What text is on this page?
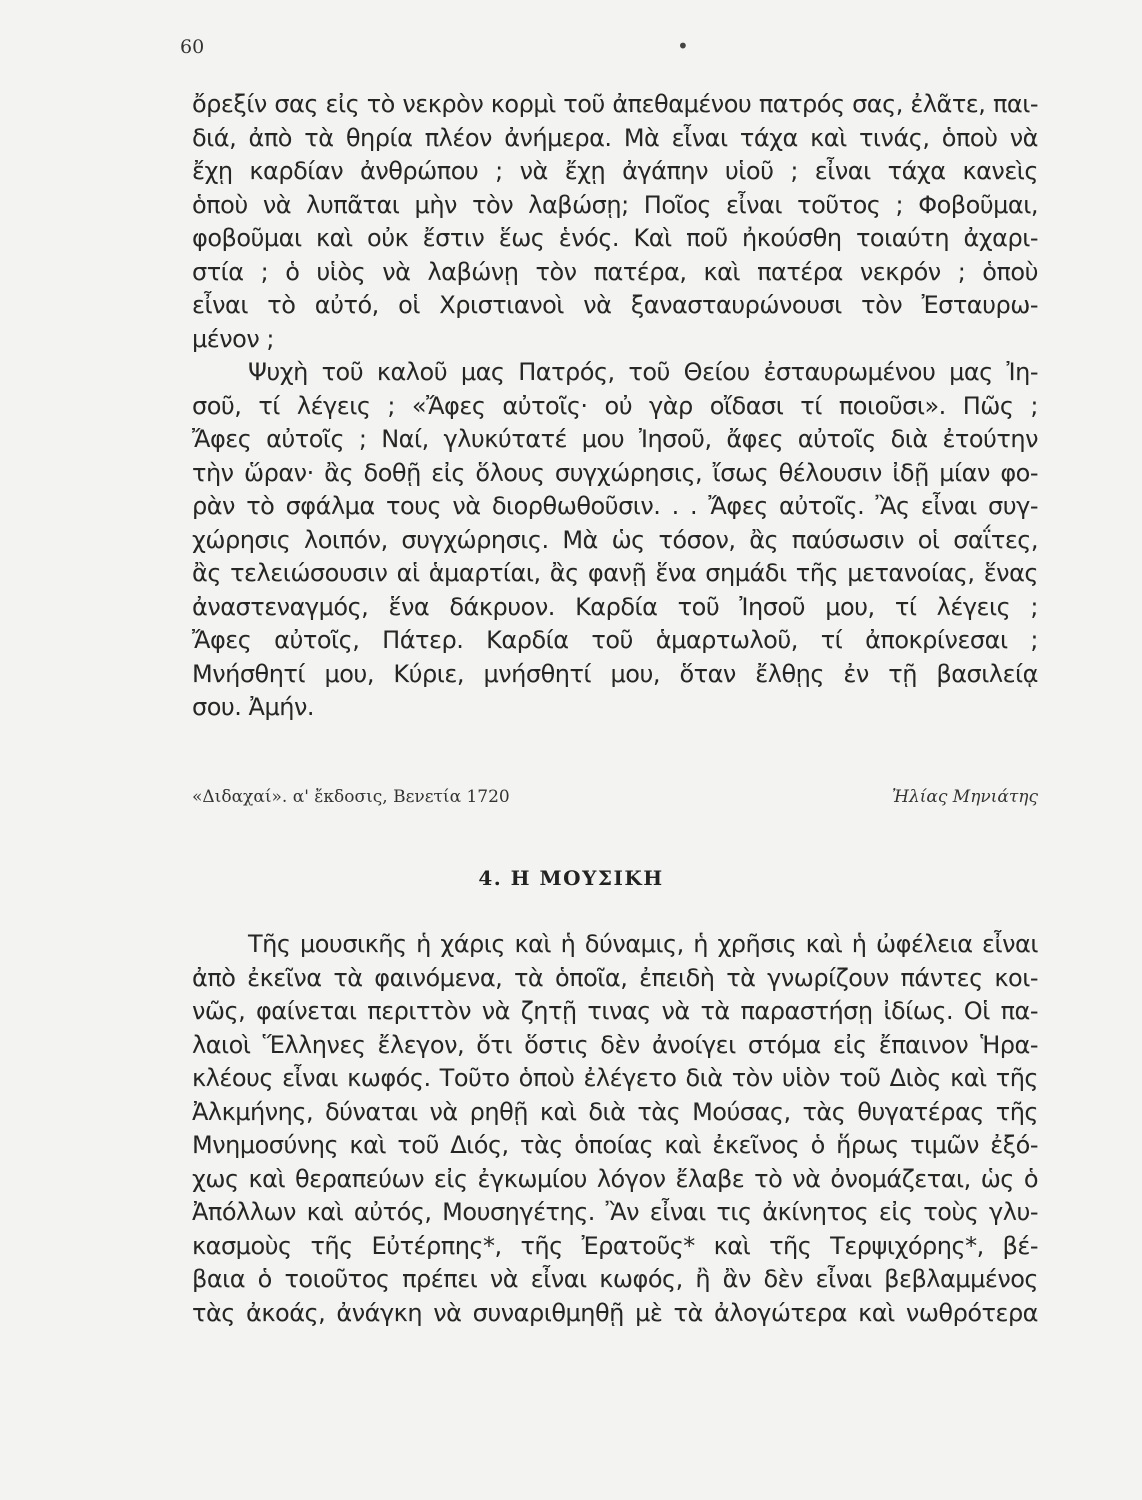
60	•
ὄρεξίν σας εἰς τὸ νεκρὸν κορμὶ τοῦ ἀπεθαμένου πατρός σας, ἐλᾶτε, παι-
διά, ἀπὸ τὰ θηρία πλέον ἀνήμερα. Μὰ εἶναι τάχα καὶ τινάς, ὁποὺ νὰ
ἔχῃ καρδίαν ἀνθρώπου ; νὰ ἔχῃ ἀγάπην υἱοῦ ; εἶναι τάχα κανεὶς
ὁποὺ νὰ λυπᾶται μὴν τὸν λαβώσῃ; Ποῖος εἶναι τοῦτος ; Φοβοῦμαι,
φοβοῦμαι καὶ οὐκ ἔστιν ἕως ἑνός. Καὶ ποῦ ἠκούσθη τοιαύτη ἀχαρι-
στία ; ὁ υἱὸς νὰ λαβώνῃ τὸν πατέρα, καὶ πατέρα νεκρόν ; ὁποὺ
εἶναι τὸ αὐτό, οἱ Χριστιανοὶ νὰ ξανασταυρώνουσι τὸν Ἐσταυρω-
μένον ;
Ψυχὴ τοῦ καλοῦ μας Πατρός, τοῦ Θείου ἐσταυρωμένου μας Ἰη-
σοῦ, τί λέγεις ; «Ἄφες αὐτοῖς· οὐ γὰρ οἴδασι τί ποιοῦσι». Πῶς ;
Ἄφες αὐτοῖς ; Ναί, γλυκύτατέ μου Ἰησοῦ, ἄφες αὐτοῖς διὰ ἐτούτην
τὴν ὥραν· ἂς δοθῇ εἰς ὅλους συγχώρησις, ἴσως θέλουσιν ἰδῇ μίαν φο-
ρὰν τὸ σφάλμα τους νὰ διορθωθοῦσιν. . . Ἄφες αὐτοῖς. Ἂς εἶναι συγ-
χώρησις λοιπόν, συγχώρησις. Μὰ ὡς τόσον, ἂς παύσωσιν οἱ σαΐτες,
ἂς τελειώσουσιν αἱ ἁμαρτίαι, ἂς φανῇ ἕνα σημάδι τῆς μετανοίας, ἕνας
ἀναστεναγμός, ἕνα δάκρυον. Καρδία τοῦ Ἰησοῦ μου, τί λέγεις ;
Ἄφες αὐτοῖς, Πάτερ. Καρδία τοῦ ἁμαρτωλοῦ, τί ἀποκρίνεσαι ;
Μνήσθητί μου, Κύριε, μνήσθητί μου, ὅταν ἔλθῃς ἐν τῇ βασιλείᾳ
σου. Ἀμήν.
«Διδαχαί». α' ἔκδοσις, Βενετία 1720	Ἠλίας Μηνιάτης
4. Η ΜΟΥΣΙΚΗ
Τῆς μουσικῆς ἡ χάρις καὶ ἡ δύναμις, ἡ χρῆσις καὶ ἡ ὠφέλεια εἶναι
ἀπὸ ἐκεῖνα τὰ φαινόμενα, τὰ ὁποῖα, ἐπειδὴ τὰ γνωρίζουν πάντες κοι-
νῶς, φαίνεται περιττὸν νὰ ζητῇ τινας νὰ τὰ παραστήσῃ ἰδίως. Οἱ πα-
λαιοὶ Ἕλληνες ἔλεγον, ὅτι ὅστις δὲν ἀνοίγει στόμα εἰς ἔπαινον Ἡρα-
κλέους εἶναι κωφός. Τοῦτο ὁποὺ ἐλέγετο διὰ τὸν υἱὸν τοῦ Διὸς καὶ τῆς
Ἀλκμήνης, δύναται νὰ ρηθῇ καὶ διὰ τὰς Μούσας, τὰς θυγατέρας τῆς
Μνημοσύνης καὶ τοῦ Διός, τὰς ὁποίας καὶ ἐκεῖνος ὁ ἥρως τιμῶν ἐξό-
χως καὶ θεραπεύων εἰς ἐγκωμίου λόγον ἔλαβε τὸ νὰ ὀνομάζεται, ὡς ὁ
Ἀπόλλων καὶ αὐτός, Μουσηγέτης. Ἂν εἶναι τις ἀκίνητος εἰς τοὺς γλυ-
κασμοὺς τῆς Εὐτέρπης*, τῆς Ἐρατοῦς* καὶ τῆς Τερψιχόρης*, βέ-
βαια ὁ τοιοῦτος πρέπει νὰ εἶναι κωφός, ἢ ἂν δὲν εἶναι βεβλαμμένος
τὰς ἀκοάς, ἀνάγκη νὰ συναριθμηθῇ μὲ τὰ ἀλογώτερα καὶ νωθρότερα
